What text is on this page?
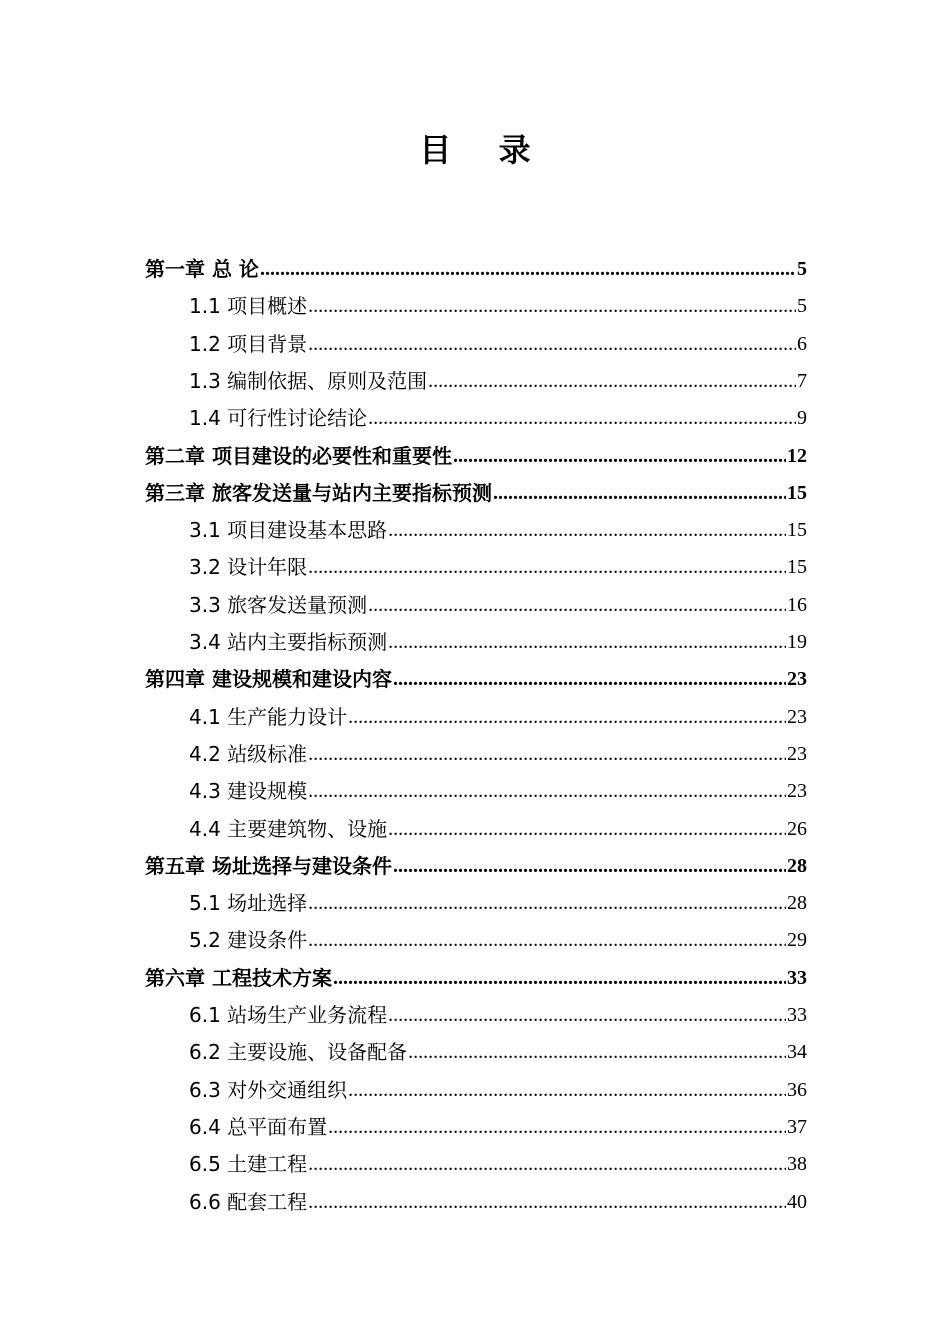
目 录
第一章 总 论 .....	5
1.1 项目概述 .....	5
1.2 项目背景 .....	6
1.3 编制依据、原则及范围 .....	7
1.4 可行性讨论结论 .....	9
第二章 项目建设的必要性和重要性 .....	12
第三章 旅客发送量与站内主要指标预测 .....	15
3.1 项目建设基本思路 .....	15
3.2 设计年限 .....	15
3.3 旅客发送量预测 .....	16
3.4 站内主要指标预测 .....	19
第四章 建设规模和建设内容 .....	23
4.1 生产能力设计 .....	23
4.2 站级标准 .....	23
4.3 建设规模 .....	23
4.4 主要建筑物、设施 .....	26
第五章 场址选择与建设条件 .....	28
5.1 场址选择 .....	28
5.2 建设条件 .....	29
第六章 工程技术方案 .....	33
6.1 站场生产业务流程 .....	33
6.2 主要设施、设备配备 .....	34
6.3 对外交通组织 .....	36
6.4 总平面布置 .....	37
6.5 土建工程 .....	38
6.6 配套工程 .....	40
